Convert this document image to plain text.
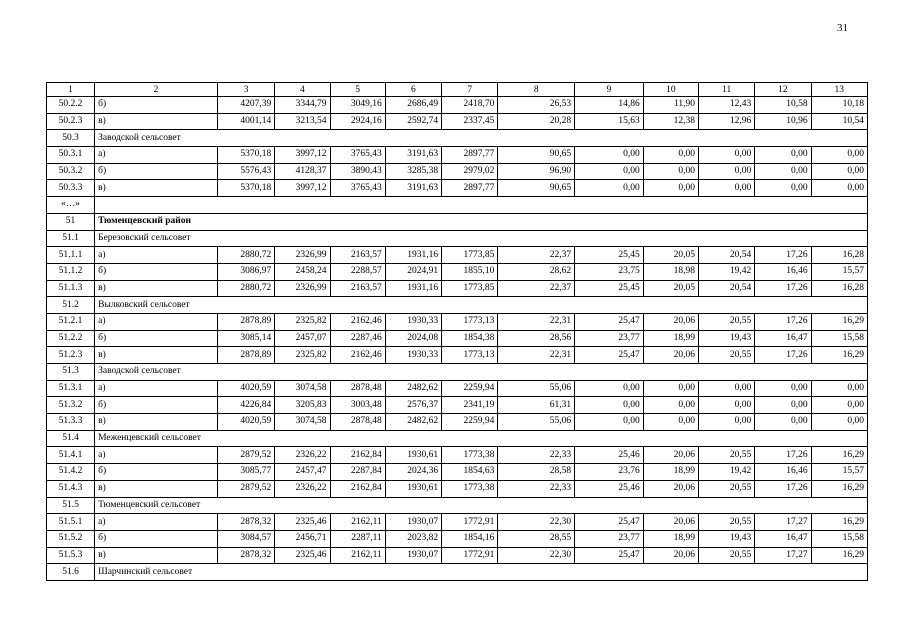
31
1	2	3	4	5	6	7	8	9	10	11	12	13
50.2.2	б)	4207,39	3344,79	3049,16	2686,49	2418,70	26,53	14,86	11,90	12,43	10,58	10,18
50.2.3	в)	4001,14	3213,54	2924,16	2592,74	2337,45	20,28	15,63	12,38	12,96	10,96	10,54
50.3	Заводской сельсовет											
50.3.1	а)	5370,18	3997,12	3765,43	3191,63	2897,77	90,65	0,00	0,00	0,00	0,00	0,00
50.3.2	б)	5576,43	4128,37	3890,43	3285,38	2979,02	96,90	0,00	0,00	0,00	0,00	0,00
50.3.3	в)	5370,18	3997,12	3765,43	3191,63	2897,77	90,65	0,00	0,00	0,00	0,00	0,00
«…»												
51	Тюменцевский район											
51.1	Березовский сельсовет											
51.1.1	а)	2880,72	2326,99	2163,57	1931,16	1773,85	22,37	25,45	20,05	20,54	17,26	16,28
51.1.2	б)	3086,97	2458,24	2288,57	2024,91	1855,10	28,62	23,75	18,98	19,42	16,46	15,57
51.1.3	в)	2880,72	2326,99	2163,57	1931,16	1773,85	22,37	25,45	20,05	20,54	17,26	16,28
51.2	Вылковский сельсовет											
51.2.1	а)	2878,89	2325,82	2162,46	1930,33	1773,13	22,31	25,47	20,06	20,55	17,26	16,29
51.2.2	б)	3085,14	2457,07	2287,46	2024,08	1854,38	28,56	23,77	18,99	19,43	16,47	15,58
51.2.3	в)	2878,89	2325,82	2162,46	1930,33	1773,13	22,31	25,47	20,06	20,55	17,26	16,29
51.3	Заводской сельсовет											
51.3.1	а)	4020,59	3074,58	2878,48	2482,62	2259,94	55,06	0,00	0,00	0,00	0,00	0,00
51.3.2	б)	4226,84	3205,83	3003,48	2576,37	2341,19	61,31	0,00	0,00	0,00	0,00	0,00
51.3.3	в)	4020,59	3074,58	2878,48	2482,62	2259,94	55,06	0,00	0,00	0,00	0,00	0,00
51.4	Меженцевский сельсовет											
51.4.1	а)	2879,52	2326,22	2162,84	1930,61	1773,38	22,33	25,46	20,06	20,55	17,26	16,29
51.4.2	б)	3085,77	2457,47	2287,84	2024,36	1854,63	28,58	23,76	18,99	19,42	16,46	15,57
51.4.3	в)	2879,52	2326,22	2162,84	1930,61	1773,38	22,33	25,46	20,06	20,55	17,26	16,29
51.5	Тюменцевский сельсовет											
51.5.1	а)	2878,32	2325,46	2162,11	1930,07	1772,91	22,30	25,47	20,06	20,55	17,27	16,29
51.5.2	б)	3084,57	2456,71	2287,11	2023,82	1854,16	28,55	23,77	18,99	19,43	16,47	15,58
51.5.3	в)	2878,32	2325,46	2162,11	1930,07	1772,91	22,30	25,47	20,06	20,55	17,27	16,29
51.6	Шарчинский сельсовет											
